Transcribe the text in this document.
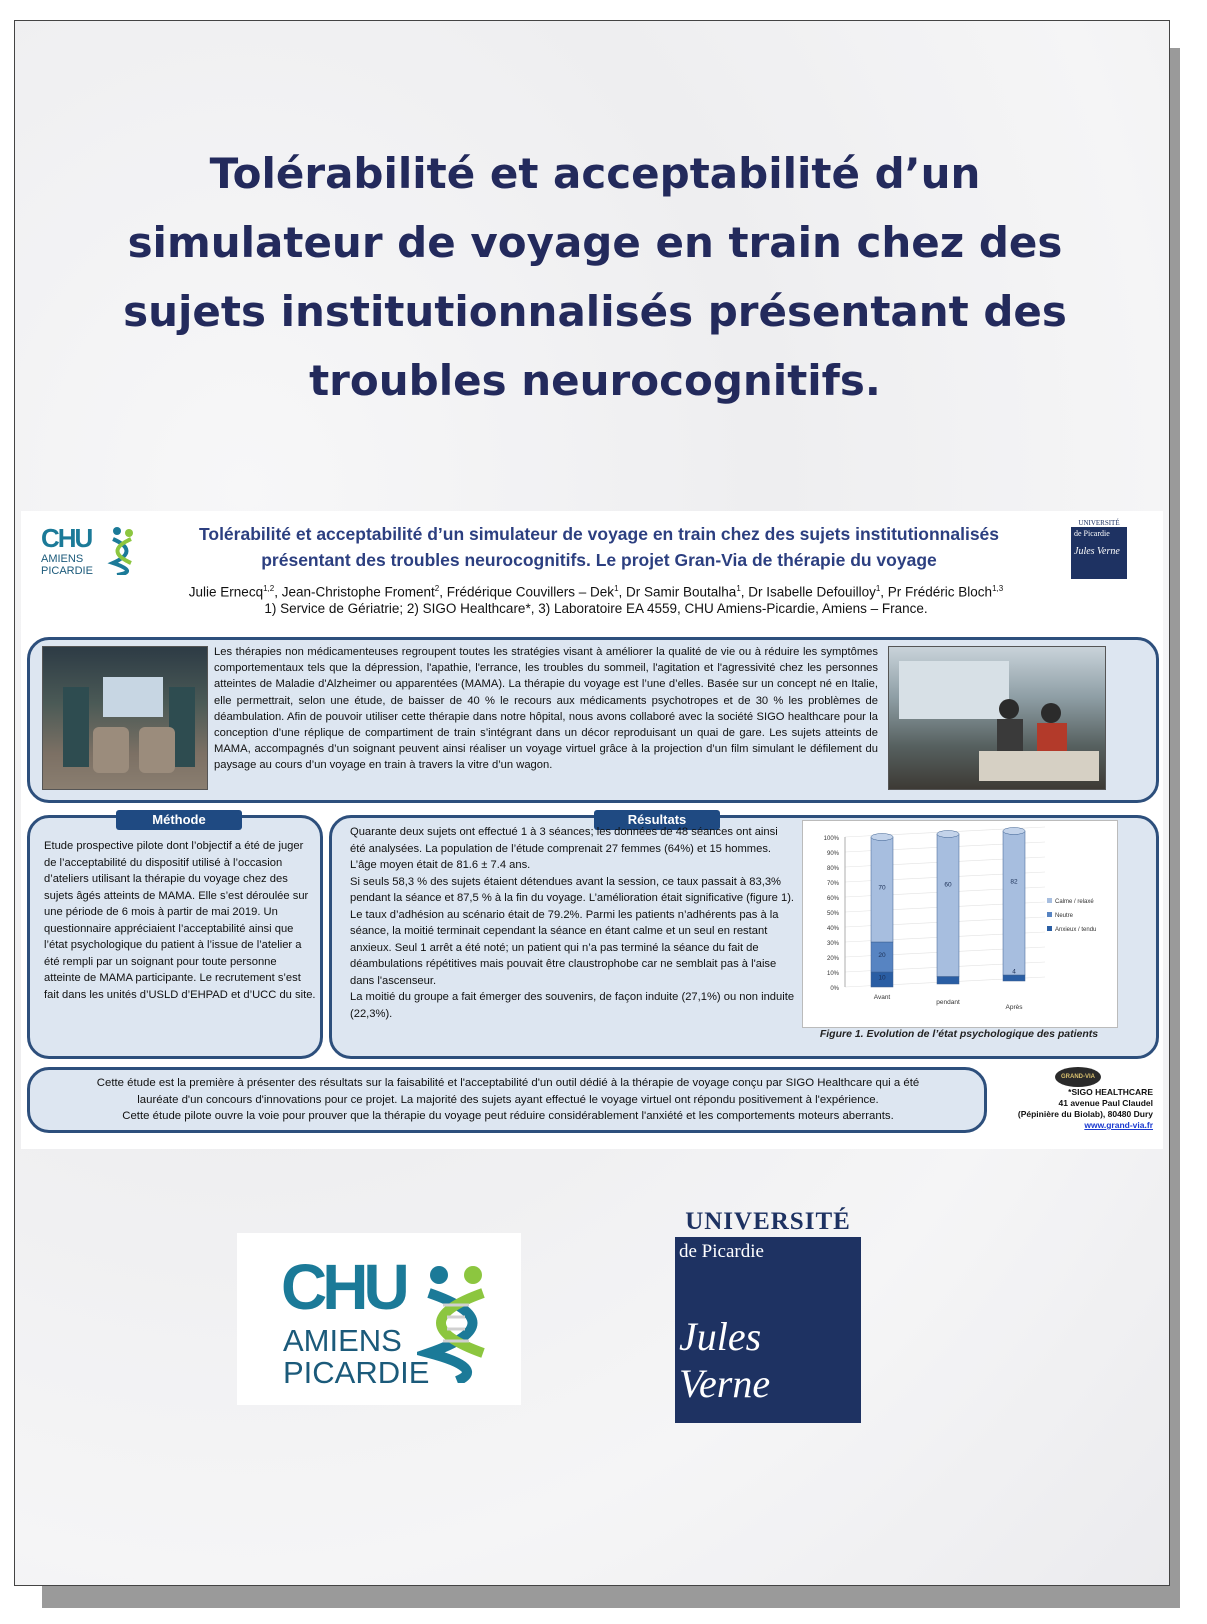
Tolérabilité et acceptabilité d’un simulateur de voyage en train chez des sujets institutionnalisés présentant des troubles neurocognitifs.
CHU
AMIENS
PICARDIE
UNIVERSITÉ
de Picardie
Jules Verne
Tolérabilité et acceptabilité d’un simulateur de voyage en train chez des sujets institutionnalisés
présentant des troubles neurocognitifs. Le projet Gran-Via de thérapie du voyage
Julie Ernecq$^{1,2}$, Jean-Christophe Froment$^2$, Frédérique Couvillers – Dek$^1$, Dr Samir Boutalha$^1$, Dr Isabelle Defouilloy$^1$, Pr Frédéric Bloch$^{1,3}$
1) Service de Gériatrie; 2) SIGO Healthcare*, 3) Laboratoire EA 4559, CHU Amiens-Picardie, Amiens – France.

Les thérapies non médicamenteuses regroupent toutes les stratégies visant à améliorer la qualité de vie ou à réduire les symptômes comportementaux tels que la dépression, l'apathie, l'errance, les troubles du sommeil, l'agitation et l'agressivité chez les personnes atteintes de Maladie d'Alzheimer ou apparentées (MAMA). La thérapie du voyage est l’une d’elles. Basée sur un concept né en Italie, elle permettrait, selon une étude, de baisser de 40 % le recours aux médicaments psychotropes et de 30 % les problèmes de déambulation. Afin de pouvoir utiliser cette thérapie dans notre hôpital, nous avons collaboré avec la société SIGO healthcare pour la conception d’une réplique de compartiment de train s’intégrant dans un décor reproduisant un quai de gare. Les sujets atteints de MAMA, accompagnés d’un soignant peuvent ainsi réaliser un voyage virtuel grâce à la projection d’un film simulant le défilement du paysage au cours d’un voyage en train à travers la vitre d’un wagon.

Méthode

Etude prospective pilote dont l’objectif a été de juger de l’acceptabilité du dispositif utilisé à l’occasion d’ateliers utilisant la thérapie du voyage chez des sujets âgés atteints de MAMA. Elle s’est déroulée sur une période de 6 mois à partir de mai 2019. Un questionnaire appréciaient l’acceptabilité ainsi que l’état psychologique du patient à l’issue de l’atelier a été rempli par un soignant pour toute personne atteinte de MAMA participante. Le recrutement s’est fait dans les unités d’USLD d’EHPAD et d’UCC du site.

Résultats
Quarante deux sujets ont effectué 1 à 3 séances; les données de 48 séances ont ainsi été analysées. La population de l’étude comprenait 27 femmes (64%) et 15 hommes. L’âge moyen était de 81.6 ± 7.4 ans.
Si seuls 58,3 % des sujets étaient détendues avant la session, ce taux passait à 83,3% pendant la séance et 87,5 % à la fin du voyage. L’amélioration était significative (figure 1).
Le taux d’adhésion au scénario était de 79.2%. Parmi les patients n’adhérents pas à la séance, la moitié terminait cependant la séance en étant calme et un seul en restant anxieux. Seul 1 arrêt a été noté; un patient qui n’a pas terminé la séance du fait de déambulations répétitives mais pouvait être claustrophobe car ne semblait pas à l'aise dans l'ascenseur.
La moitié du groupe a fait émerger des souvenirs, de façon induite (27,1%) ou non induite (22,3%).
0%
10%
20%
30%
40%
50%
60%
70%
80%
90%
100%
10
20
70
Avant
60
pendant
4
82
Après
Calme / relaxé
Neutre
Anxieux / tendu
Figure 1. Evolution de l’état psychologique des patients
Cette étude est la première à présenter des résultats sur la faisabilité et l'acceptabilité d'un outil dédié à la thérapie de voyage conçu par SIGO Healthcare qui a été
lauréate d'un concours d'innovations pour ce projet. La majorité des sujets ayant effectué le voyage virtuel ont répondu positivement à l'expérience.
Cette étude pilote ouvre la voie pour prouver que la thérapie du voyage peut réduire considérablement l'anxiété et les comportements moteurs aberrants.
GRAND-VIA
*SIGO HEALTHCARE
41 avenue Paul Claudel
(Pépinière du Biolab), 80480 Dury
www.grand-via.fr
CHU
AMIENS
PICARDIE
UNIVERSITÉ
de Picardie
Jules Verne
